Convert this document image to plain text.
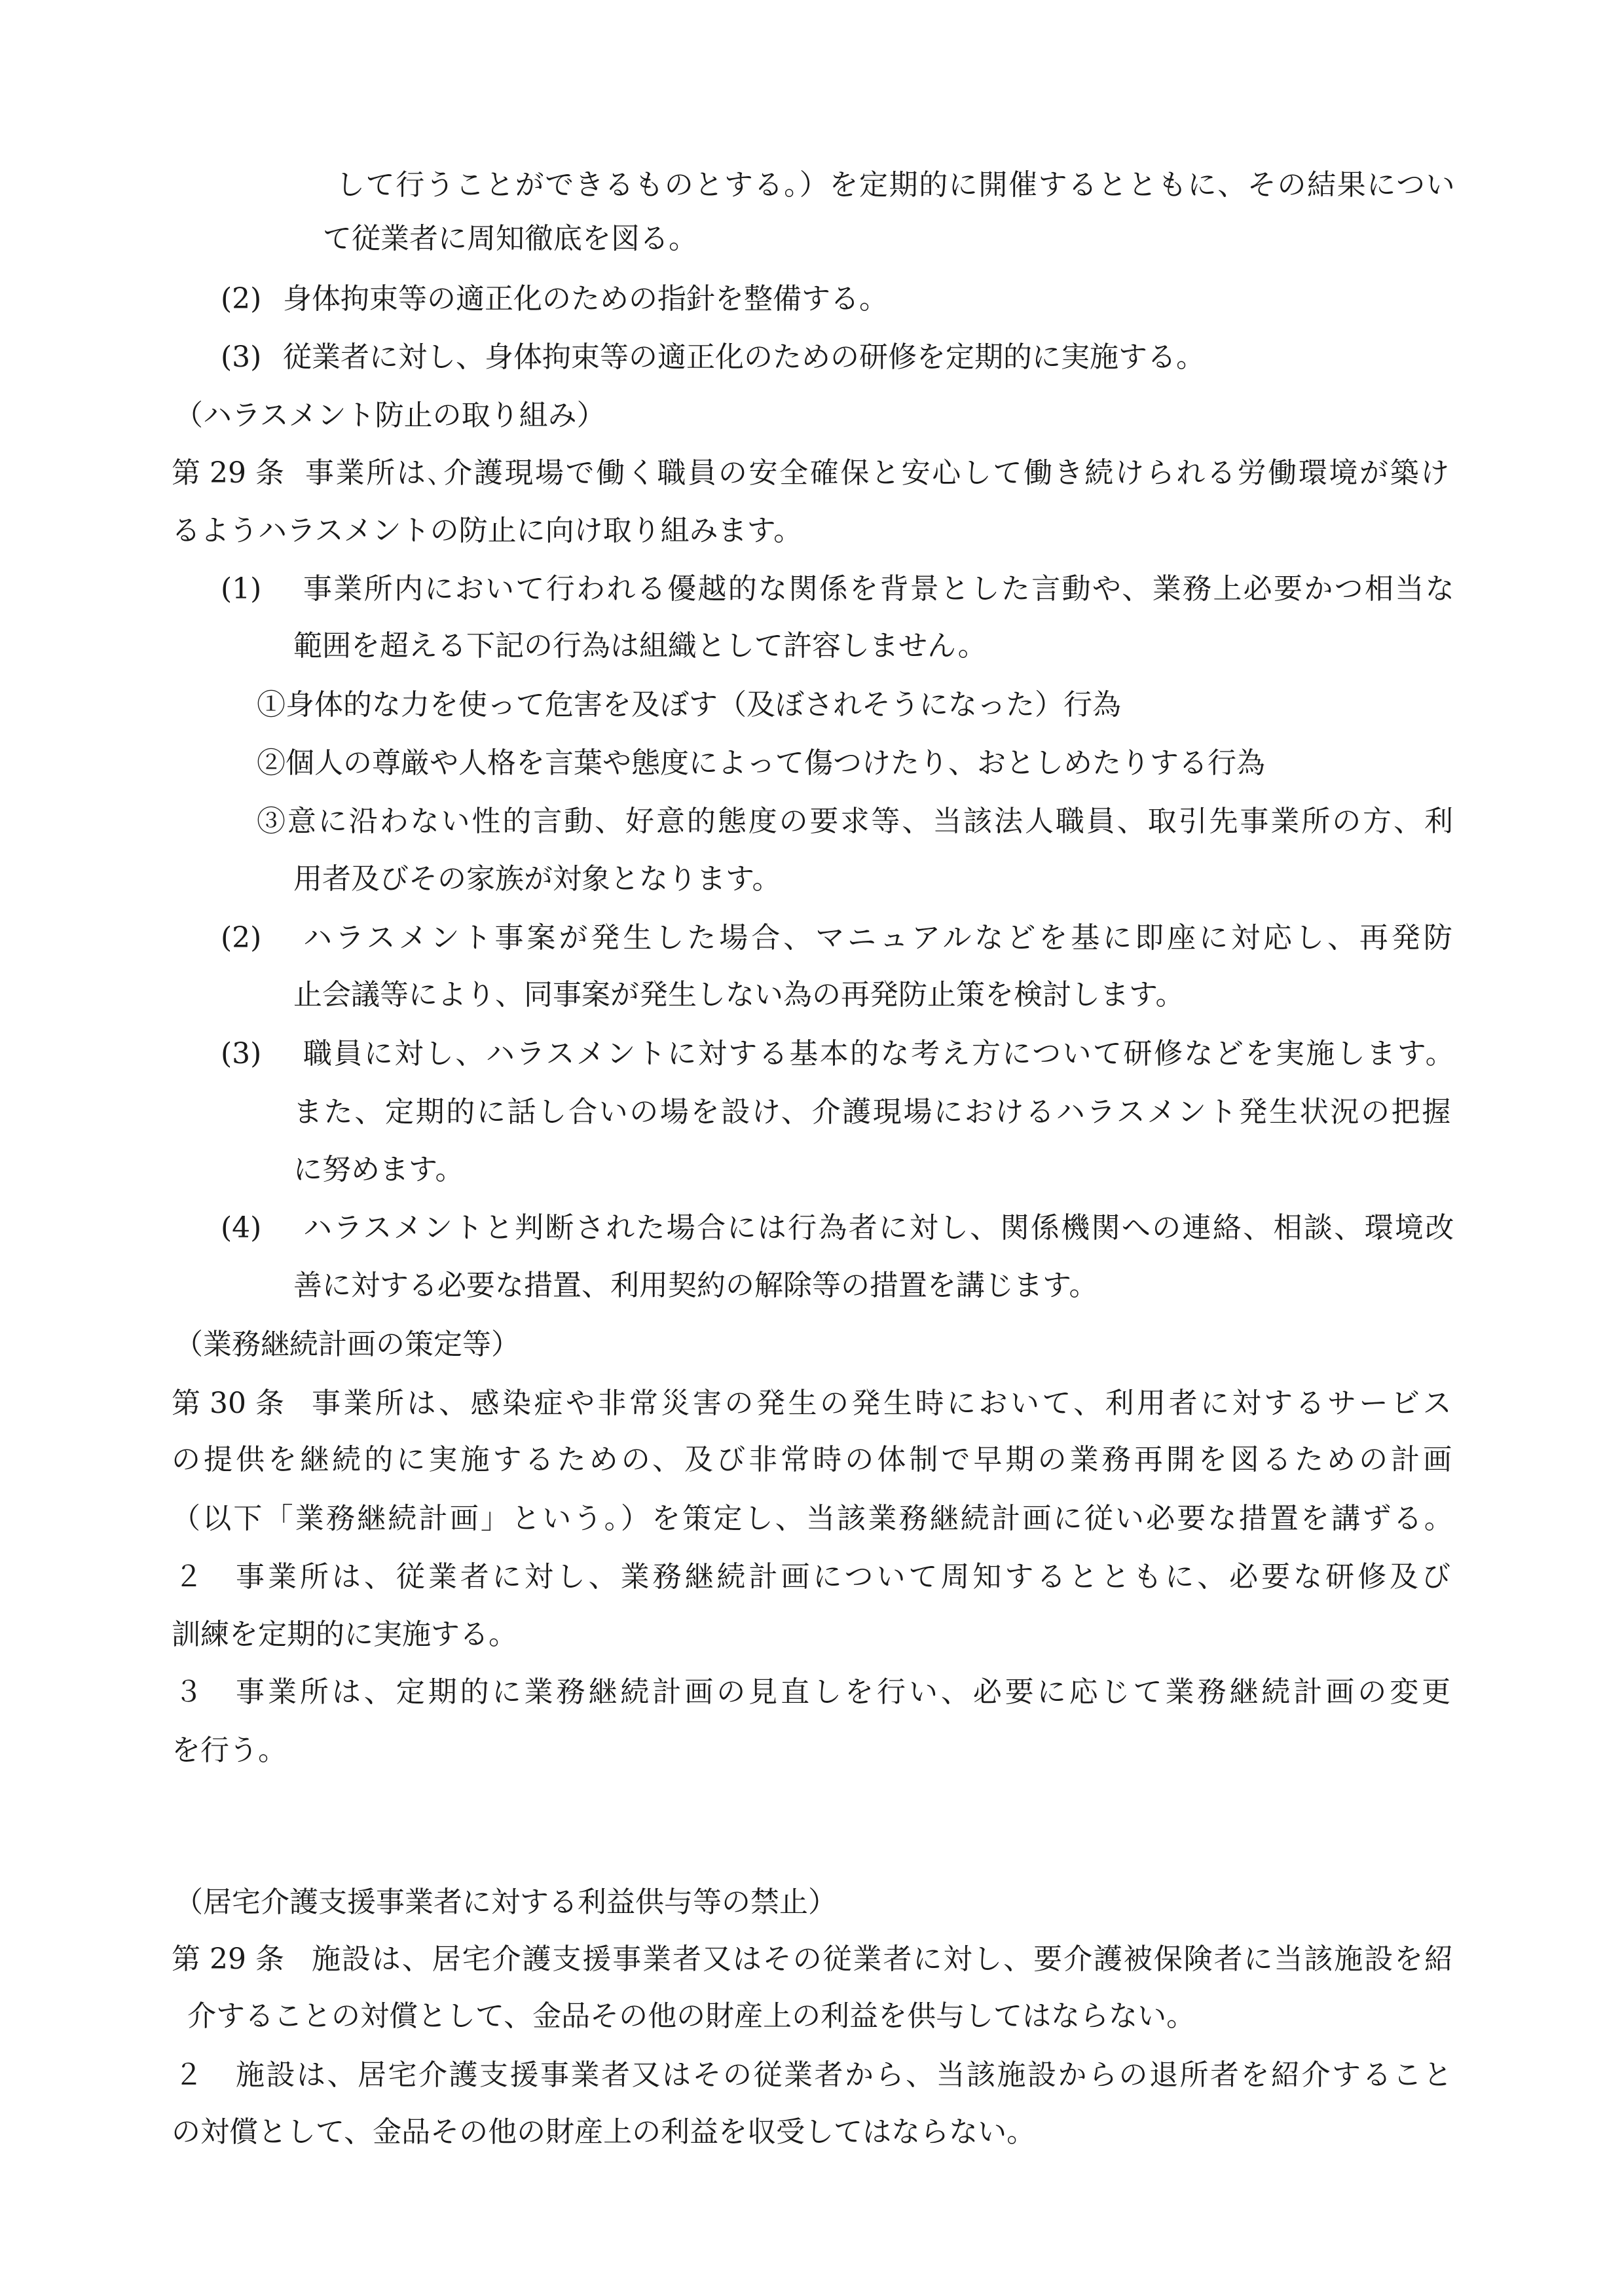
して行うことができるものとする。）を定期的に開催するとともに、その結果につい
て従業者に周知徹底を図る。
(2) 身体拘束等の適正化のための指針を整備する。
(3) 従業者に対し、身体拘束等の適正化のための研修を定期的に実施する。
（ハラスメント防止の取り組み）
第 29 条 事業所は､介護現場で働く職員の安全確保と安心して働き続けられる労働環境が築け
るようハラスメントの防止に向け取り組みます。
(1) 事業所内において行われる優越的な関係を背景とした言動や、業務上必要かつ相当な
範囲を超える下記の行為は組織として許容しません。
①身体的な力を使って危害を及ぼす（及ぼされそうになった）行為
②個人の尊厳や人格を言葉や態度によって傷つけたり、おとしめたりする行為
③意に沿わない性的言動、好意的態度の要求等、当該法人職員、取引先事業所の方、利
用者及びその家族が対象となります。
(2) ハラスメント事案が発生した場合、マニュアルなどを基に即座に対応し、再発防
止会議等により、同事案が発生しない為の再発防止策を検討します。
(3) 職員に対し、ハラスメントに対する基本的な考え方について研修などを実施します。
また、定期的に話し合いの場を設け、介護現場におけるハラスメント発生状況の把握
に努めます。
(4) ハラスメントと判断された場合には行為者に対し、関係機関への連絡、相談、環境改
善に対する必要な措置、利用契約の解除等の措置を講じます。
（業務継続計画の策定等）
第 30 条 事業所は、感染症や非常災害の発生の発生時において、利用者に対するサービス
の提供を継続的に実施するための、及び非常時の体制で早期の業務再開を図るための計画
（以下「業務継続計画」という。）を策定し、当該業務継続計画に従い必要な措置を講ずる。
２ 事業所は、従業者に対し、業務継続計画について周知するとともに、必要な研修及び
訓練を定期的に実施する。
３ 事業所は、定期的に業務継続計画の見直しを行い、必要に応じて業務継続計画の変更
を行う。
（居宅介護支援事業者に対する利益供与等の禁止）
第 29 条 施設は、居宅介護支援事業者又はその従業者に対し、要介護被保険者に当該施設を紹
介することの対償として、金品その他の財産上の利益を供与してはならない。
２ 施設は、居宅介護支援事業者又はその従業者から、当該施設からの退所者を紹介すること
の対償として、金品その他の財産上の利益を収受してはならない。
